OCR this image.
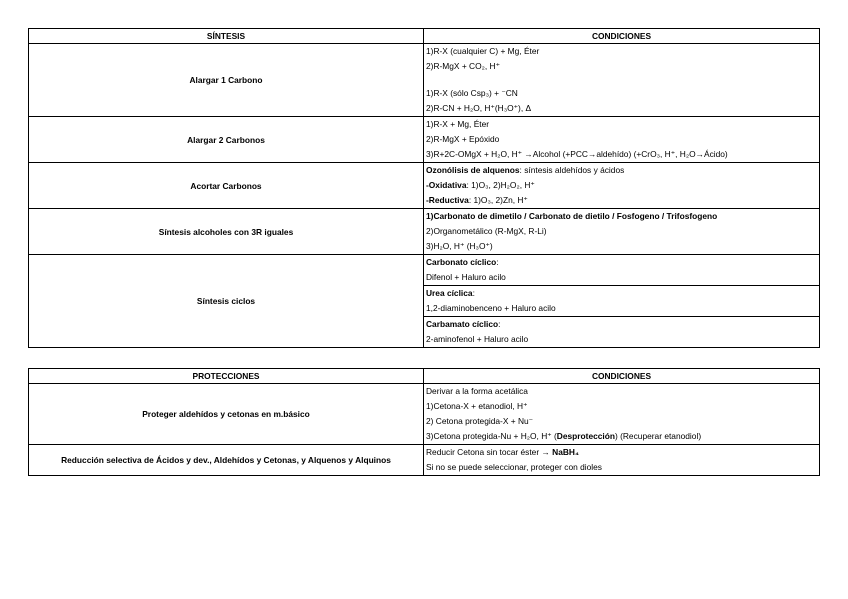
SÍNTESIS	CONDICIONES
Alargar 1 Carbono	1)R-X (cualquier C) + Mg, Éter
2)R-MgX + CO₂, H⁺
1)R-X (sólo Csp₃) + ⁻CN
2)R-CN + H₂O, H⁺(H₃O⁺), Δ

Alargar 2 Carbonos	1)R-X + Mg, Éter
2)R-MgX + Epóxido
3)R+2C-OMgX + H₂O, H⁺ →Alcohol (+PCC→aldehído) (+CrO₃, H⁺, H₂O→Ácido)

Acortar Carbonos	Ozonólisis de alquenos: síntesis aldehídos y ácidos
-Oxidativa: 1)O₃, 2)H₂O₂, H⁺
-Reductiva: 1)O₃, 2)Zn, H⁺

Síntesis alcoholes con 3R iguales	1)Carbonato de dimetilo / Carbonato de dietilo / Fosfogeno / Trifosfogeno
2)Organometálico (R-MgX, R-Li)
3)H₂O, H⁺ (H₃O⁺)

Síntesis ciclos	Carbonato cíclico:
Difenol + Haluro acilo

	Urea cíclica:
1,2-diaminobenceno + Haluro acilo

	Carbamato cíclico:
2-aminofenol + Haluro acilo
PROTECCIONES	CONDICIONES
Proteger aldehídos y cetonas en m.básico	Derivar a la forma acetálica
1)Cetona-X + etanodiol, H⁺
2) Cetona protegida-X + Nu⁻
3)Cetona protegida-Nu + H₂O, H⁺ (Desprotección) (Recuperar etanodiol)

Reducción selectiva de Ácidos y dev., Aldehídos y Cetonas, y Alquenos y Alquinos	Reducir Cetona sin tocar éster → NaBH₄
Si no se puede seleccionar, proteger con dioles
